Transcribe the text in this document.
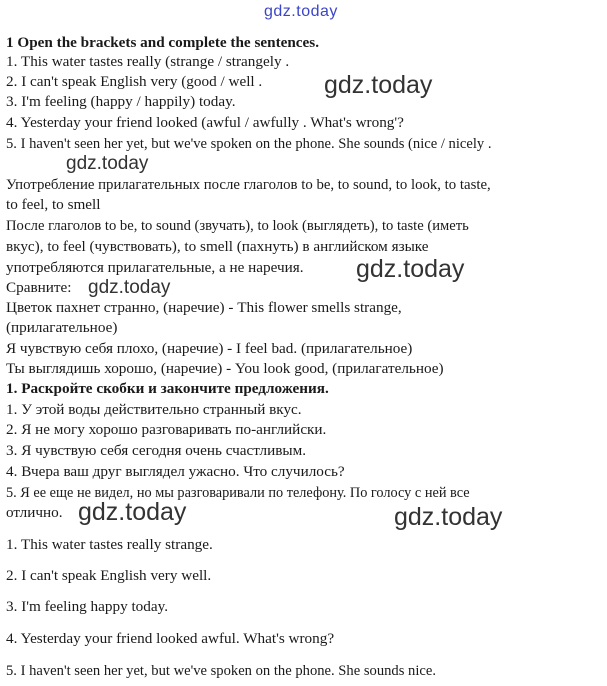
gdz.today
1 Open the brackets and complete the sentences.
1. This water tastes really (strange / strangely .
2. I can't speak English very (good / well .
3. I'm feeling (happy / happily) today.
4. Yesterday your friend looked (awful / awfully . What's wrong'?
5. I haven't seen her yet, but we've spoken on the phone. She sounds (nice / nicely .
Употребление прилагательных после глаголов to be, to sound, to look, to taste,
to feel, to smell
После глаголов to be, to sound (звучать), to look (выглядеть), to taste (иметь
вкус), to feel (чувствовать), to smell (пахнуть) в английском языке
употребляются прилагательные, а не наречия.
Сравните:
Цветок пахнет странно, (наречие) - This flower smells strange,
(прилагательное)
Я чувствую себя плохо, (наречие) - I feel bad. (прилагательное)
Ты выглядишь хорошо, (наречие) - You look good, (прилагательное)
1. Раскройте скобки и закончите предложения.
1. У этой воды действительно странный вкус.
2. Я не могу хорошо разговаривать по-английски.
3. Я чувствую себя сегодня очень счастливым.
4. Вчера ваш друг выглядел ужасно. Что случилось?
5. Я ее еще не видел, но мы разговаривали по телефону. По голосу с ней все
отлично.
1. This water tastes really strange.
2. I can't speak English very well.
3. I'm feeling happy today.
4. Yesterday your friend looked awful. What's wrong?
5. I haven't seen her yet, but we've spoken on the phone. She sounds nice.
gdz.today
gdz.today
gdz.today
gdz.today
gdz.today	gdz.today
